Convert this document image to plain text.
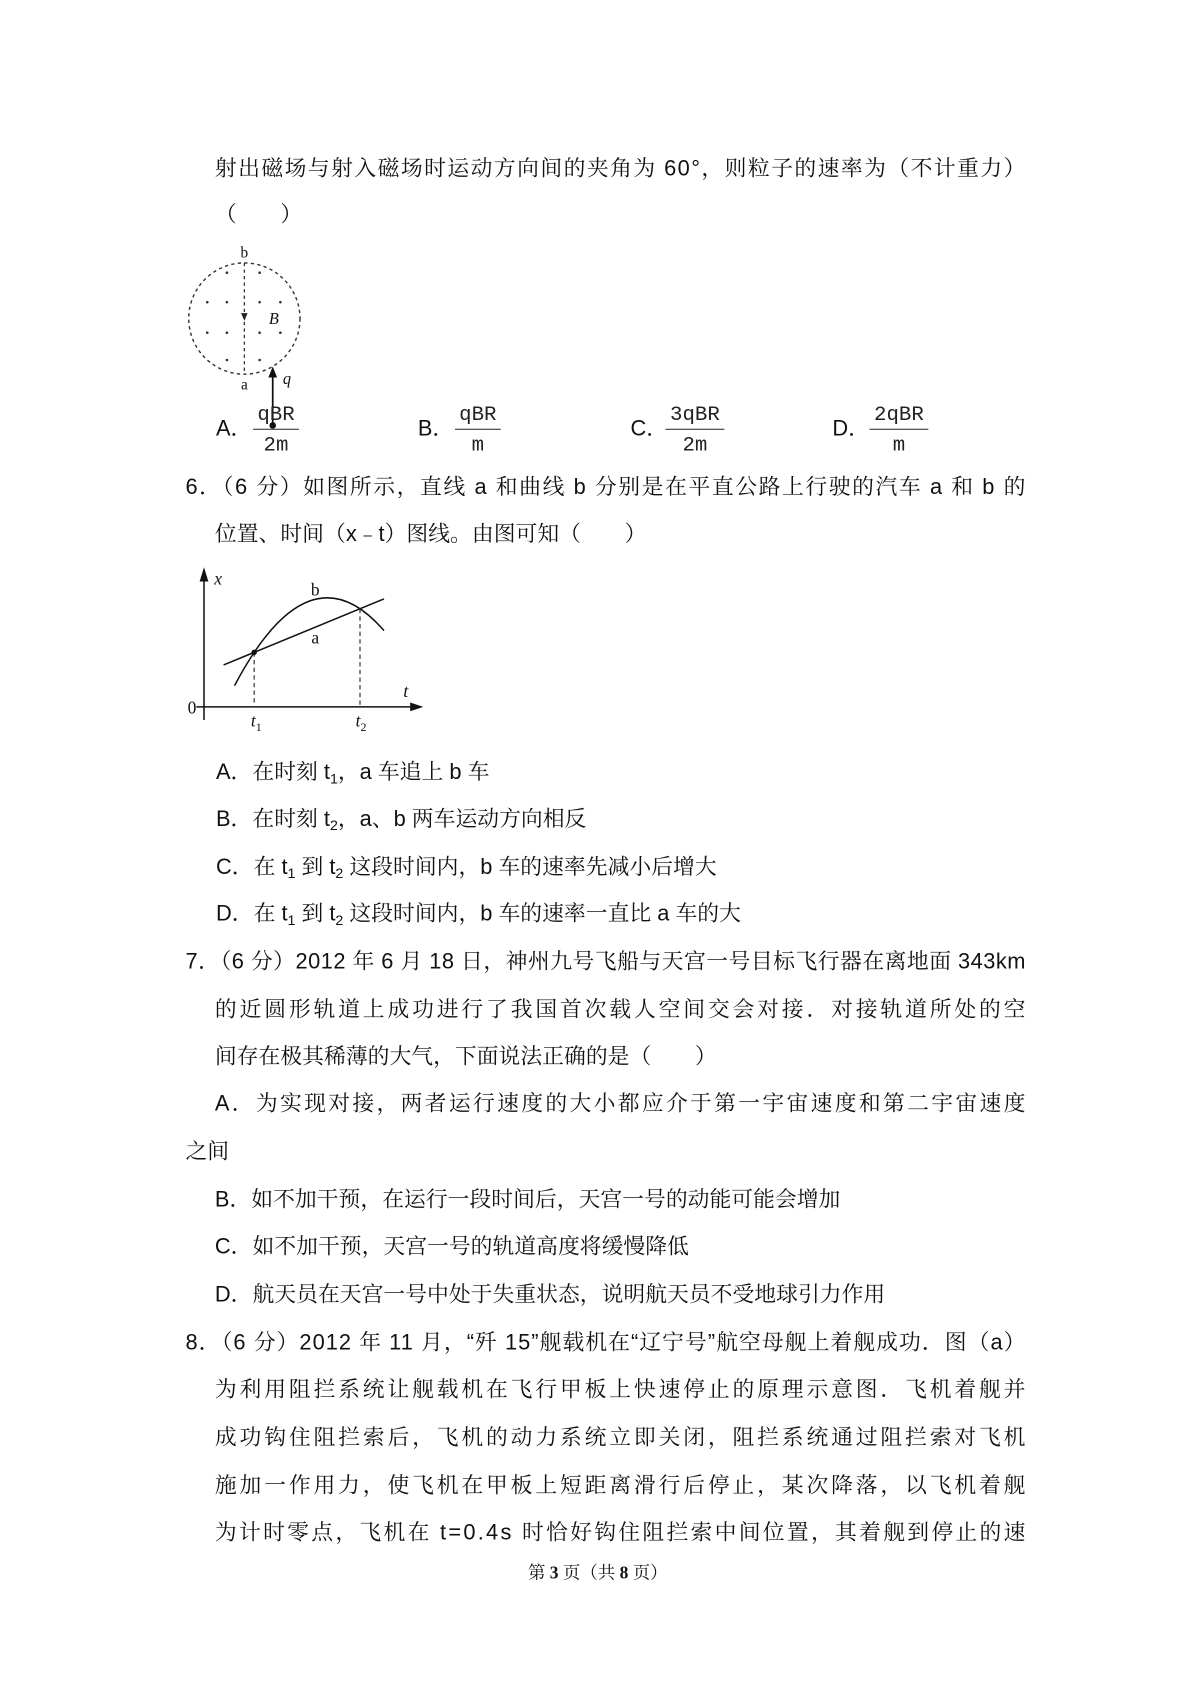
射出磁场与射入磁场时运动方向间的夹角为 60°，则粒子的速率为（不计重力）
（　　）
b
B
a q
A．
qBR
2m
B．
qBR
m
C．
3qBR
2m
D．
2qBR
m
6．（6 分）如图所示，直线 a 和曲线 b 分别是在平直公路上行驶的汽车 a 和 b 的
位置、时间（x﹣t）图线。由图可知（　　）
x
t
0
b
a
$t_1$	$t_2$
A．在时刻 $t_1$，a 车追上 b 车
B．在时刻 $t_2$，a、b 两车运动方向相反
C．在 $t_1$ 到 $t_2$ 这段时间内，b 车的速率先减小后增大
D．在 $t_1$ 到 $t_2$ 这段时间内，b 车的速率一直比 a 车的大
7．（6 分）2012 年 6 月 18 日，神州九号飞船与天宫一号目标飞行器在离地面 343km
的近圆形轨道上成功进行了我国首次载人空间交会对接．对接轨道所处的空
间存在极其稀薄的大气，下面说法正确的是（　　）
A．为实现对接，两者运行速度的大小都应介于第一宇宙速度和第二宇宙速度
之间
B．如不加干预，在运行一段时间后，天宫一号的动能可能会增加
C．如不加干预，天宫一号的轨道高度将缓慢降低
D．航天员在天宫一号中处于失重状态，说明航天员不受地球引力作用
8．（6 分）2012 年 11 月，“歼 15”舰载机在“辽宁号”航空母舰上着舰成功．图（a）
为利用阻拦系统让舰载机在飞行甲板上快速停止的原理示意图．飞机着舰并
成功钩住阻拦索后，飞机的动力系统立即关闭，阻拦系统通过阻拦索对飞机
施加一作用力，使飞机在甲板上短距离滑行后停止，某次降落，以飞机着舰
为计时零点，飞机在 t=0.4s 时恰好钩住阻拦索中间位置，其着舰到停止的速
第 3 页（共 8 页）
